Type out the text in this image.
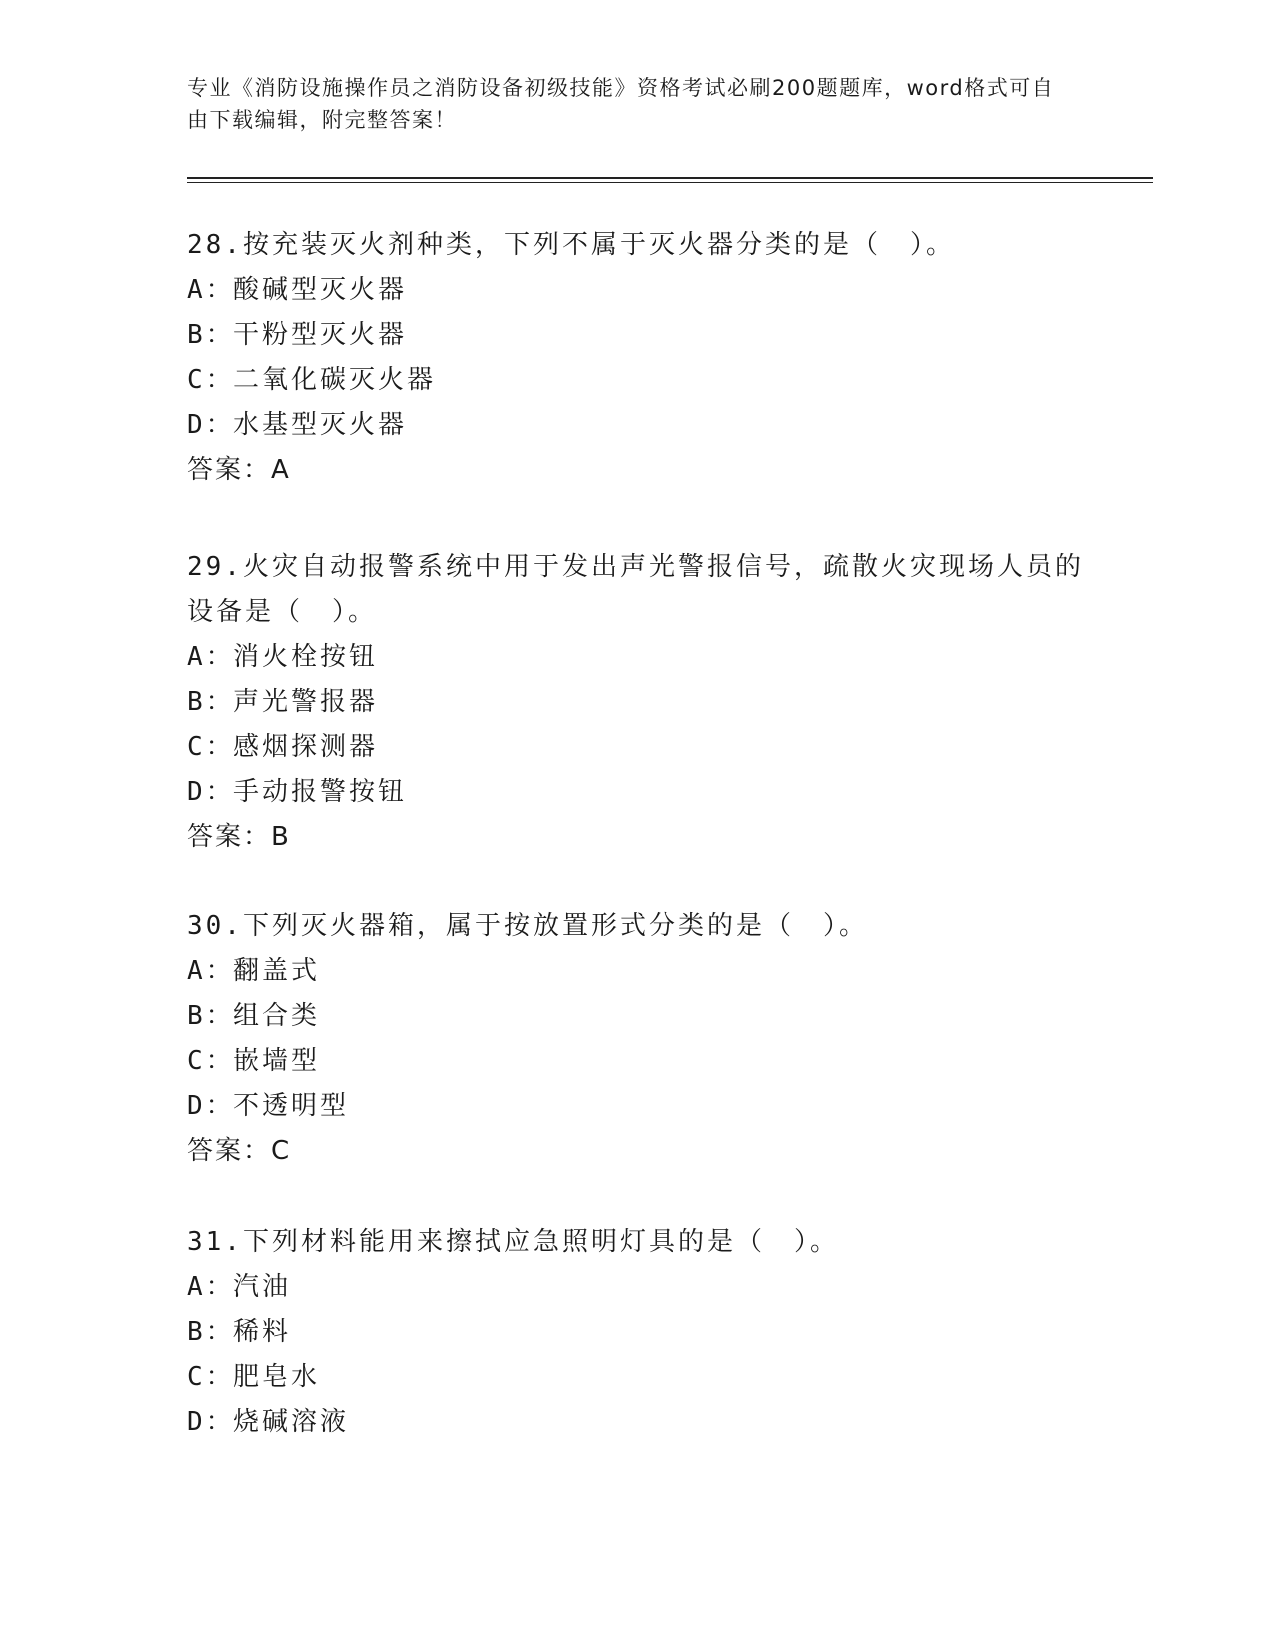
专业《消防设施操作员之消防设备初级技能》资格考试必刷200题题库，word格式可自由下载编辑，附完整答案！

28.按充装灭火剂种类，下列不属于灭火器分类的是（　）。

A：酸碱型灭火器

B：干粉型灭火器

C：二氧化碳灭火器

D：水基型灭火器

答案：A

29.火灾自动报警系统中用于发出声光警报信号，疏散火灾现场人员的设备是（　）。

A：消火栓按钮

B：声光警报器

C：感烟探测器

D：手动报警按钮

答案：B

30.下列灭火器箱，属于按放置形式分类的是（　）。

A：翻盖式

B：组合类

C：嵌墙型

D：不透明型

答案：C

31.下列材料能用来擦拭应急照明灯具的是（　）。

A：汽油

B：稀料

C：肥皂水

D：烧碱溶液
